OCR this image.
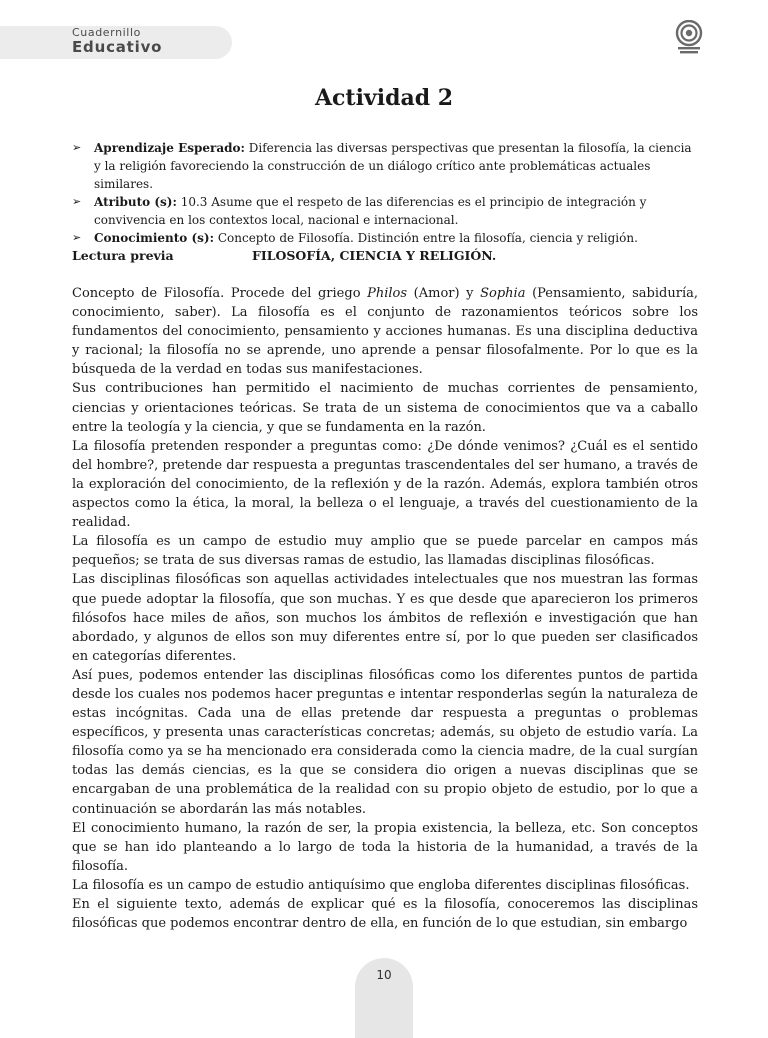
Cuadernillo
Educativo
Actividad 2
➢ Aprendizaje Esperado: Diferencia las diversas perspectivas que presentan la filosofía, la ciencia y la religión favoreciendo la construcción de un diálogo crítico ante problemáticas actuales similares.
➢ Atributo (s): 10.3 Asume que el respeto de las diferencias es el principio de integración y convivencia en los contextos local, nacional e internacional.
➢ Conocimiento (s): Concepto de Filosofía. Distinción entre la filosofía, ciencia y religión.
Lectura previa	FILOSOFÍA, CIENCIA Y RELIGIÓN.

Concepto de Filosofía. Procede del griego Philos (Amor) y Sophia (Pensamiento, sabiduría, conocimiento, saber). La filosofía es el conjunto de razonamientos teóricos sobre los fundamentos del conocimiento, pensamiento y acciones humanas. Es una disciplina deductiva y racional; la filosofía no se aprende, uno aprende a pensar filosofalmente. Por lo que es la búsqueda de la verdad en todas sus manifestaciones.

Sus contribuciones han permitido el nacimiento de muchas corrientes de pensamiento, ciencias y orientaciones teóricas. Se trata de un sistema de conocimientos que va a caballo entre la teología y la ciencia, y que se fundamenta en la razón.

La filosofía pretenden responder a preguntas como: ¿De dónde venimos? ¿Cuál es el sentido del hombre?, pretende dar respuesta a preguntas trascendentales del ser humano, a través de la exploración del conocimiento, de la reflexión y de la razón. Además, explora también otros aspectos como la ética, la moral, la belleza o el lenguaje, a través del cuestionamiento de la realidad.

La filosofía es un campo de estudio muy amplio que se puede parcelar en campos más pequeños; se trata de sus diversas ramas de estudio, las llamadas disciplinas filosóficas.

Las disciplinas filosóficas son aquellas actividades intelectuales que nos muestran las formas que puede adoptar la filosofía, que son muchas. Y es que desde que aparecieron los primeros filósofos hace miles de años, son muchos los ámbitos de reflexión e investigación que han abordado, y algunos de ellos son muy diferentes entre sí, por lo que pueden ser clasificados en categorías diferentes.

Así pues, podemos entender las disciplinas filosóficas como los diferentes puntos de partida desde los cuales nos podemos hacer preguntas e intentar responderlas según la naturaleza de estas incógnitas. Cada una de ellas pretende dar respuesta a preguntas o problemas específicos, y presenta unas características concretas; además, su objeto de estudio varía. La filosofía como ya se ha mencionado era considerada como la ciencia madre, de la cual surgían todas las demás ciencias, es la que se considera dio origen a nuevas disciplinas que se encargaban de una problemática de la realidad con su propio objeto de estudio, por lo que a continuación se abordarán las más notables.

El conocimiento humano, la razón de ser, la propia existencia, la belleza, etc. Son conceptos que se han ido planteando a lo largo de toda la historia de la humanidad, a través de la filosofía.

La filosofía es un campo de estudio antiquísimo que engloba diferentes disciplinas filosóficas.

En el siguiente texto, además de explicar qué es la filosofía, conoceremos las disciplinas filosóficas que podemos encontrar dentro de ella, en función de lo que estudian, sin embargo

10
